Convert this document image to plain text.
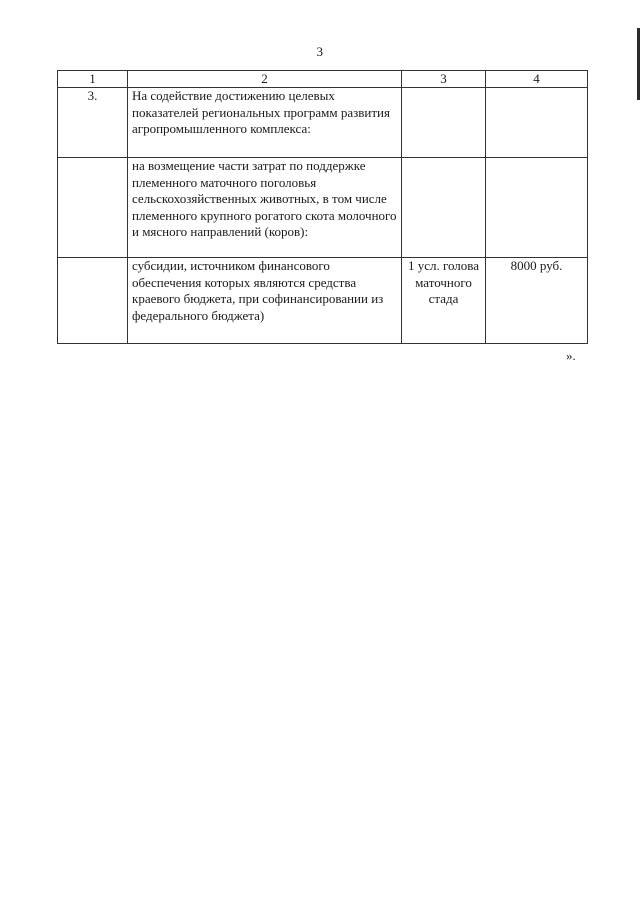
3
1	2	3	4
3.	На содействие достижению целевых показателей региональных программ развития агропромышленного комплекса:		
	на возмещение части затрат по поддержке племенного маточного поголовья сельскохозяйственных животных, в том числе племенного крупного рогатого скота молочного и мясного направлений (коров):		
	субсидии, источником финансового обеспечения которых являются средства краевого бюджета, при софинансировании из федерального бюджета)	1 усл. голова маточного стада	8000 руб.
».
